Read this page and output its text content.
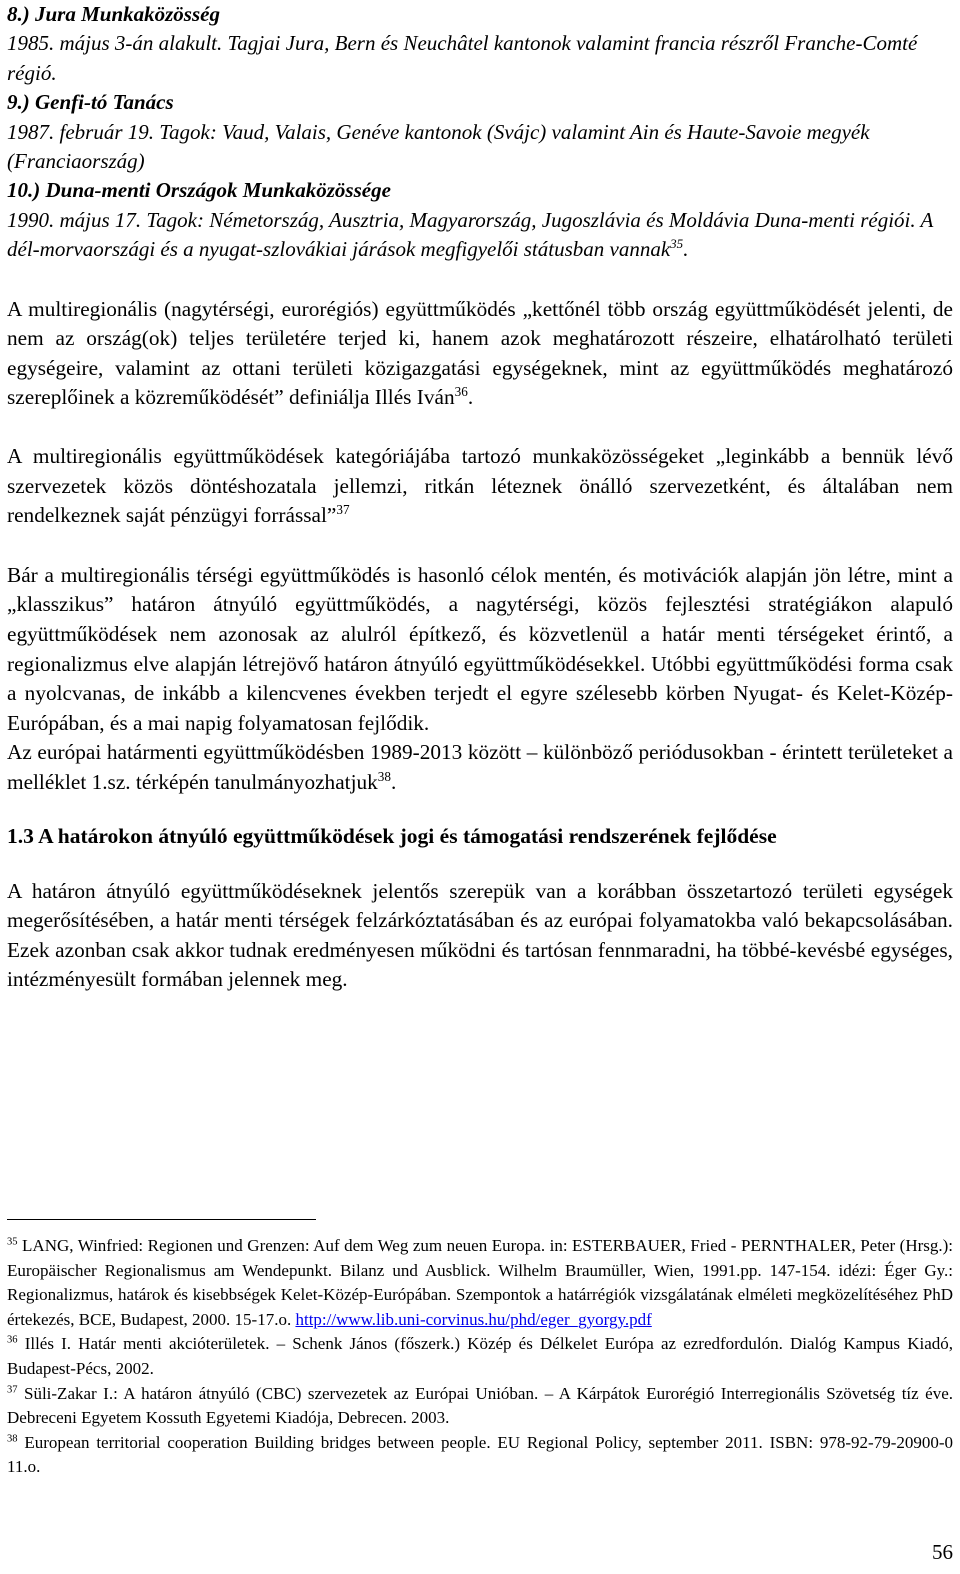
8.) Jura Munkaközösség

1985. május 3-án alakult. Tagjai Jura, Bern és Neuchâtel kantonok valamint francia részről Franche-Comté régió.

9.) Genfi-tó Tanács

1987. február 19. Tagok: Vaud, Valais, Genéve kantonok (Svájc) valamint Ain és Haute-Savoie megyék (Franciaország)

10.) Duna-menti Országok Munkaközössége

1990. május 17. Tagok: Németország, Ausztria, Magyarország, Jugoszlávia és Moldávia Duna-menti régiói. A dél-morvaországi és a nyugat-szlovákiai járások megfigyelői státusban vannak$^{35}$.

A multiregionális (nagytérségi, eurorégiós) együttműködés „kettőnél több ország együttműködését jelenti, de nem az ország(ok) teljes területére terjed ki, hanem azok meghatározott részeire, elhatárolható területi egységeire, valamint az ottani területi közigazgatási egységeknek, mint az együttműködés meghatározó szereplőinek a közreműködését” definiálja Illés Iván$^{36}$.

A multiregionális együttműködések kategóriájába tartozó munkaközösségeket „leginkább a bennük lévő szervezetek közös döntéshozatala jellemzi, ritkán léteznek önálló szervezetként, és általában nem rendelkeznek saját pénzügyi forrással”$^{37}$

Bár a multiregionális térségi együttműködés is hasonló célok mentén, és motivációk alapján jön létre, mint a „klasszikus” határon átnyúló együttműködés, a nagytérségi, közös fejlesztési stratégiákon alapuló együttműködések nem azonosak az alulról építkező, és közvetlenül a határ menti térségeket érintő, a regionalizmus elve alapján létrejövő határon átnyúló együttműködésekkel. Utóbbi együttműködési forma csak a nyolcvanas, de inkább a kilencvenes években terjedt el egyre szélesebb körben Nyugat- és Kelet-Közép-Európában, és a mai napig folyamatosan fejlődik.

Az európai határmenti együttműködésben 1989-2013 között – különböző periódusokban - érintett területeket a melléklet 1.sz. térképén tanulmányozhatjuk$^{38}$.

1.3 A határokon átnyúló együttműködések jogi és támogatási rendszerének fejlődése

A határon átnyúló együttműködéseknek jelentős szerepük van a korábban összetartozó területi egységek megerősítésében, a határ menti térségek felzárkóztatásában és az európai folyamatokba való bekapcsolásában. Ezek azonban csak akkor tudnak eredményesen működni és tartósan fennmaradni, ha többé-kevésbé egységes, intézményesült formában jelennek meg.

$^{35}$ LANG, Winfried: Regionen und Grenzen: Auf dem Weg zum neuen Europa. in: ESTERBAUER, Fried - PERNTHALER, Peter (Hrsg.): Europäischer Regionalismus am Wendepunkt. Bilanz und Ausblick. Wilhelm Braumüller, Wien, 1991.pp. 147-154. idézi: Éger Gy.: Regionalizmus, határok és kisebbségek Kelet-Közép-Európában. Szempontok a határrégiók vizsgálatának elméleti megközelítéséhez PhD értekezés, BCE, Budapest, 2000. 15-17.o. http://www.lib.uni-corvinus.hu/phd/eger_gyorgy.pdf

$^{36}$ Illés I. Határ menti akcióterületek. – Schenk János (főszerk.) Közép és Délkelet Európa az ezredfordulón. Dialóg Kampus Kiadó, Budapest-Pécs, 2002.

$^{37}$ Süli-Zakar I.: A határon átnyúló (CBC) szervezetek az Európai Unióban. – A Kárpátok Eurorégió Interregionális Szövetség tíz éve. Debreceni Egyetem Kossuth Egyetemi Kiadója, Debrecen. 2003.

$^{38}$ European territorial cooperation Building bridges between people. EU Regional Policy, september 2011. ISBN: 978-92-79-20900-0 11.o.

56
